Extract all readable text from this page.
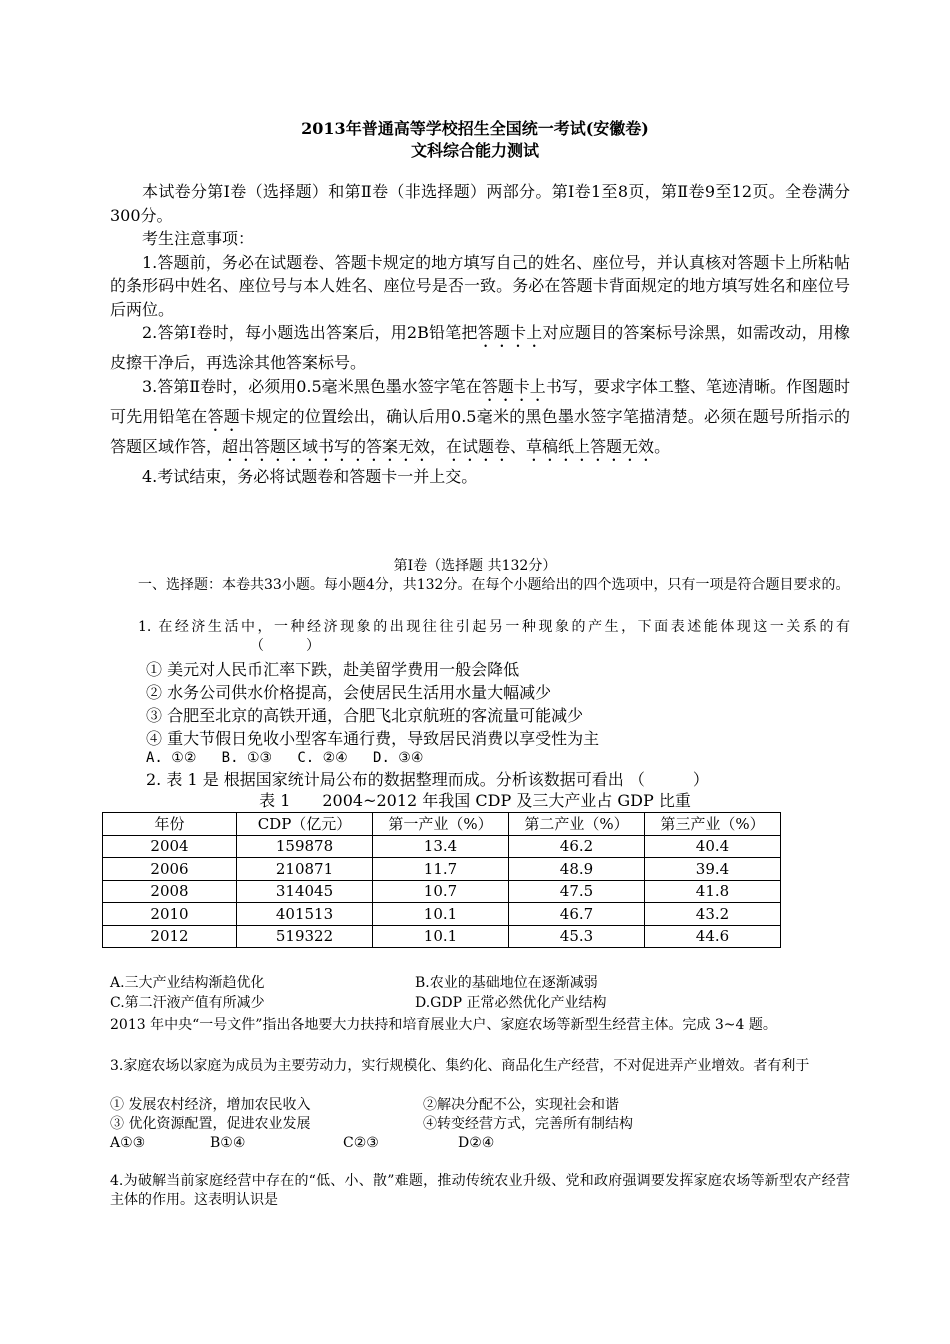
2013年普通高等学校招生全国统一考试(安徽卷)
文科综合能力测试

本试卷分第Ⅰ卷（选择题）和第Ⅱ卷（非选择题）两部分。第Ⅰ卷1至8页，第Ⅱ卷9至12页。全卷满分300分。

考生注意事项：

1.答题前，务必在试题卷、答题卡规定的地方填写自己的姓名、座位号，并认真核对答题卡上所粘帖的条形码中姓名、座位号与本人姓名、座位号是否一致。务必在答题卡背面规定的地方填写姓名和座位号后两位。

2.答第Ⅰ卷时，每小题选出答案后，用2B铅笔把答题卡上对应题目的答案标号涂黑，如需改动，用橡皮擦干净后，再选涂其他答案标号。

3.答第Ⅱ卷时，必须用0.5毫米黑色墨水签字笔在答题卡上书写，要求字体工整、笔迹清晰。作图题时可先用铅笔在答题卡规定的位置绘出，确认后用0.5毫米的黑色墨水签字笔描清楚。必须在题号所指示的答题区域作答，超出答题区域书写的答案无效，在试题卷、草稿纸上答题无效。

4.考试结束，务必将试题卷和答题卡一并上交。

第Ⅰ卷（选择题 共132分）

一、选择题：本卷共33小题。每小题4分，共132分。在每个小题给出的四个选项中，只有一项是符合题目要求的。

1. 在经济生活中，一种经济现象的出现往往引起另一种现象的产生，下面表述能体现这一关系的有（　　　）

① 美元对人民币汇率下跌，赴美留学费用一般会降低
② 水务公司供水价格提高，会使居民生活用水量大幅减少
③ 合肥至北京的高铁开通，合肥飞北京航班的客流量可能减少
④ 重大节假日免收小型客车通行费，导致居民消费以享受性为主
A. ①②   B. ①③   C. ②④   D. ③④
2. 表 1 是 根据国家统计局公布的数据整理而成。分析该数据可看出 （　　　）
表 1　　2004~2012 年我国 CDP 及三大产业占 GDP 比重
年份	CDP（亿元）	第一产业（%）	第二产业（%）	第三产业（%）
2004	159878	13.4	46.2	40.4
2006	210871	11.7	48.9	39.4
2008	314045	10.7	47.5	41.8
2010	401513	10.1	46.7	43.2
2012	519322	10.1	45.3	44.6
A.三大产业结构渐趋优化	B.农业的基础地位在逐渐减弱
C.第二汗液产值有所减少	D.GDP 正常必然优化产业结构

2013 年中央“一号文件”指出各地要大力扶持和培育展业大户、家庭农场等新型生经营主体。完成 3~4 题。

3.家庭农场以家庭为成员为主要劳动力，实行规模化、集约化、商品化生产经营，不对促进弄产业增效。者有利于

① 发展农村经济，增加农民收入	②解决分配不公，实现社会和谐
③ 优化资源配置，促进农业发展	④转变经营方式，完善所有制结构
A①③	B①④	C②③	D②④

4.为破解当前家庭经营中存在的“低、小、散”难题，推动传统农业升级、党和政府强调要发挥家庭农场等新型农产经营主体的作用。这表明认识是
